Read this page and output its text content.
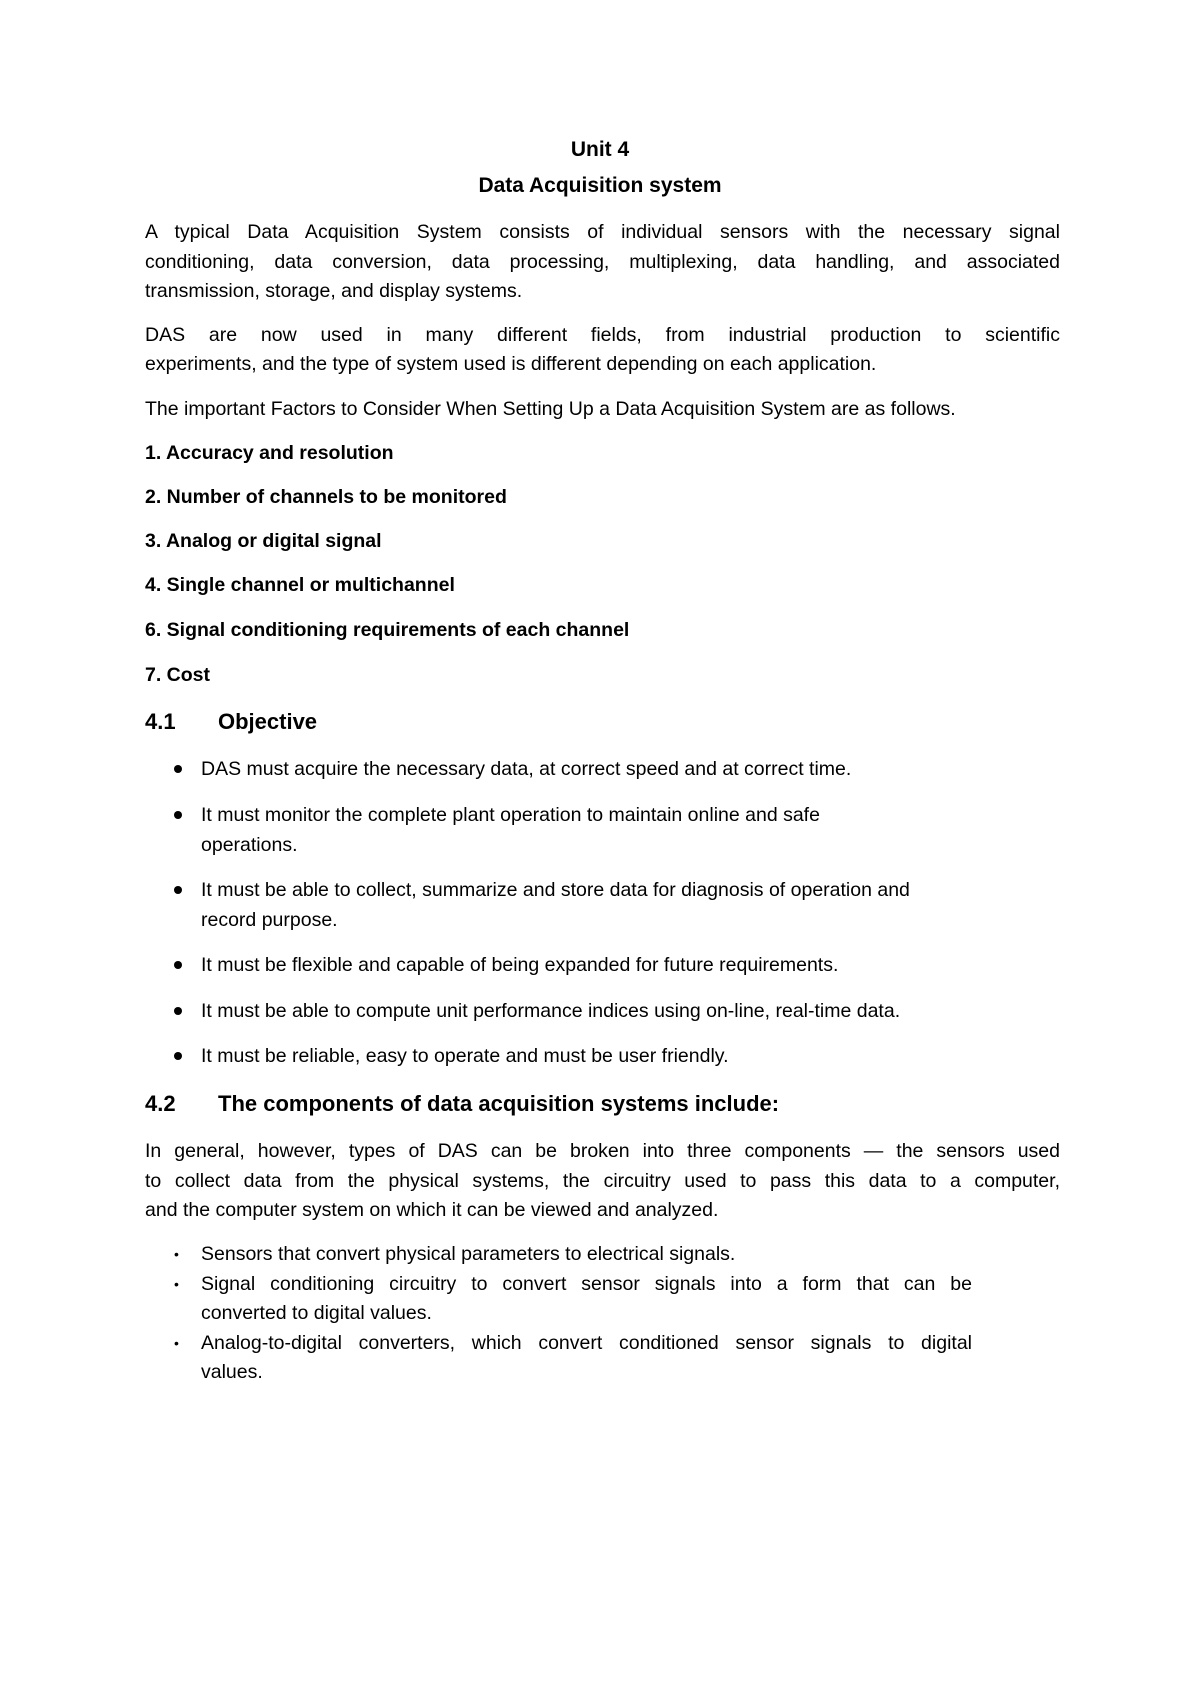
Unit 4
Data Acquisition system
A typical Data Acquisition System consists of individual sensors with the necessary signal
conditioning, data conversion, data processing, multiplexing, data handling, and associated
transmission, storage, and display systems.
DAS are now used in many different fields, from industrial production to scientific
experiments, and the type of system used is different depending on each application.
The important Factors to Consider When Setting Up a Data Acquisition System are as follows.
1. Accuracy and resolution
2. Number of channels to be monitored
3. Analog or digital signal
4. Single channel or multichannel
6. Signal conditioning requirements of each channel
7. Cost
4.1 Objective
DAS must acquire the necessary data, at correct speed and at correct time.
It must monitor the complete plant operation to maintain online and safe
operations.
It must be able to collect, summarize and store data for diagnosis of operation and
record purpose.
It must be flexible and capable of being expanded for future requirements.
It must be able to compute unit performance indices using on-line, real-time data.
It must be reliable, easy to operate and must be user friendly.
4.2 The components of data acquisition systems include:
In general, however, types of DAS can be broken into three components — the sensors used
to collect data from the physical systems, the circuitry used to pass this data to a computer,
and the computer system on which it can be viewed and analyzed.
•	Sensors that convert physical parameters to electrical signals.
•	Signal conditioning circuitry to convert sensor signals into a form that can be
converted to digital values.
•	Analog-to-digital converters, which convert conditioned sensor signals to digital
values.
